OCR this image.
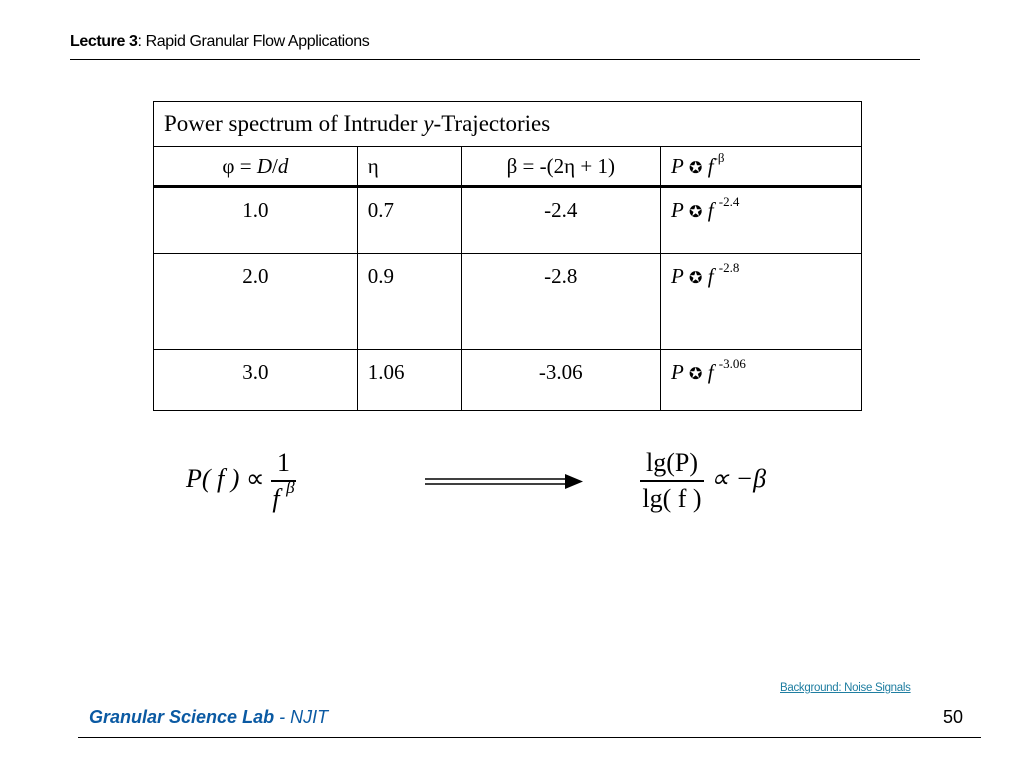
Lecture 3: Rapid Granular Flow Applications
Power spectrum of Intruder y-Trajectories			
φ = D/d	η	β = -(2η + 1)	P ✪ $f^{-\beta}$
1.0	0.7	-2.4	P ✪ f $^{-2.4}$
2.0	0.9	-2.8	P ✪ f $^{-2.8}$
3.0	1.06	-3.06	P ✪ f $^{-3.06}$
P( f ) ∝ $\frac{1}{f ^\beta}$	$\frac{\lg(P)}{\lg( f )} \propto -\beta$
Background: Noise Signals
Granular Science Lab - NJIT	50
